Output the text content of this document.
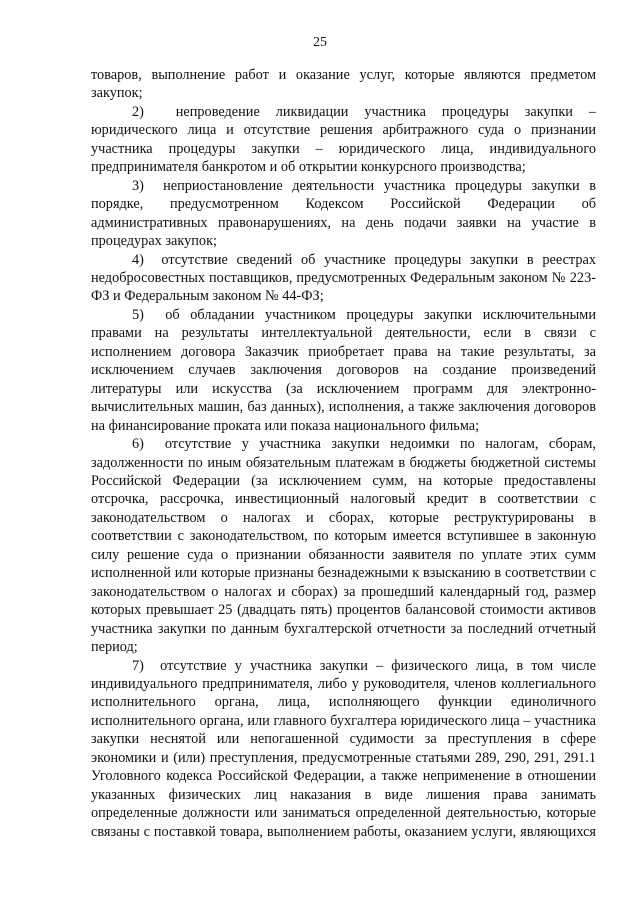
25

товаров, выполнение работ и оказание услуг, которые являются предметом закупок;

2)  непроведение ликвидации участника процедуры закупки – юридического лица и отсутствие решения арбитражного суда о признании участника процедуры закупки – юридического лица, индивидуального предпринимателя банкротом и об открытии конкурсного производства;

3)  неприостановление деятельности участника процедуры закупки в порядке, предусмотренном Кодексом Российской Федерации об административных правонарушениях, на день подачи заявки на участие в процедурах закупок;

4)  отсутствие сведений об участнике процедуры закупки в реестрах недобросовестных поставщиков, предусмотренных Федеральным законом № 223-ФЗ и Федеральным законом № 44-ФЗ;

5)  об обладании участником процедуры закупки исключительными правами на результаты интеллектуальной деятельности, если в связи с исполнением договора Заказчик приобретает права на такие результаты, за исключением случаев заключения договоров на создание произведений литературы или искусства (за исключением программ для электронно-вычислительных машин, баз данных), исполнения, а также заключения договоров на финансирование проката или показа национального фильма;

6)  отсутствие у участника закупки недоимки по налогам, сборам, задолженности по иным обязательным платежам в бюджеты бюджетной системы Российской Федерации (за исключением сумм, на которые предоставлены отсрочка, рассрочка, инвестиционный налоговый кредит в соответствии с законодательством о налогах и сборах, которые реструктурированы в соответствии с законодательством, по которым имеется вступившее в законную силу решение суда о признании обязанности заявителя по уплате этих сумм исполненной или которые признаны безнадежными к взысканию в соответствии с законодательством о налогах и сборах) за прошедший календарный год, размер которых превышает 25 (двадцать пять) процентов балансовой стоимости активов участника закупки по данным бухгалтерской отчетности за последний отчетный период;

7)  отсутствие у участника закупки – физического лица, в том числе индивидуального предпринимателя, либо у руководителя, членов коллегиального исполнительного органа, лица, исполняющего функции единоличного исполнительного органа, или главного бухгалтера юридического лица – участника закупки неснятой или непогашенной судимости за преступления в сфере экономики и (или) преступления, предусмотренные статьями 289, 290, 291, 291.1 Уголовного кодекса Российской Федерации, а также неприменение в отношении указанных физических лиц наказания в виде лишения права занимать определенные должности или заниматься определенной деятельностью, которые связаны с поставкой товара, выполнением работы, оказанием услуги, являющихся
